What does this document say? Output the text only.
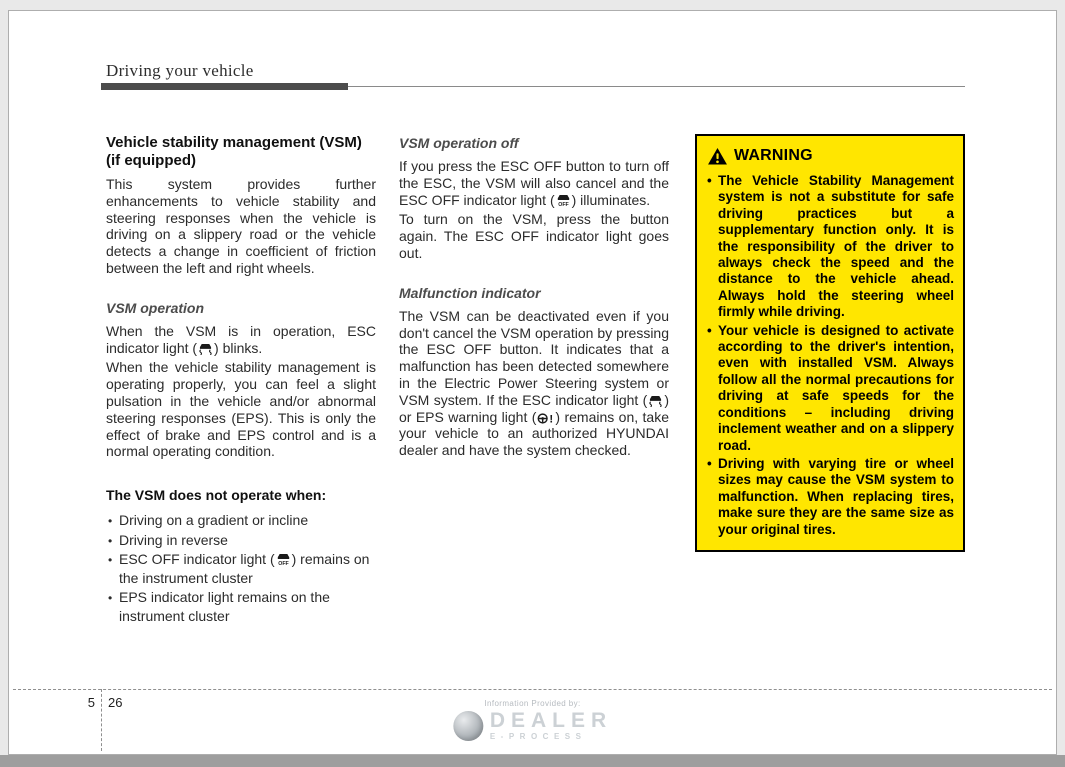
Driving your vehicle
Vehicle stability management (VSM) (if equipped)

This system provides further enhancements to vehicle stability and steering responses when the vehicle is driving on a slippery road or the vehicle detects a change in coefficient of friction between the left and right wheels.

VSM operation

When the VSM is in operation, ESC indicator light ( ) blinks.

When the vehicle stability management is operating properly, you can feel a slight pulsation in the vehicle and/or abnormal steering responses (EPS). This is only the effect of brake and EPS control and is a normal operating condition.

The VSM does not operate when:
• Driving on a gradient or incline
• Driving in reverse
• ESC OFF indicator light ( ) remains on the instrument cluster
• EPS indicator light remains on the instrument cluster
VSM operation off

If you press the ESC OFF button to turn off the ESC, the VSM will also cancel and the ESC OFF indicator light ( ) illuminates.

To turn on the VSM, press the button again. The ESC OFF indicator light goes out.

Malfunction indicator

The VSM can be deactivated even if you don't cancel the VSM operation by pressing the ESC OFF button. It indicates that a malfunction has been detected somewhere in the Electric Power Steering system or VSM system. If the ESC indicator light ( ) or EPS warning light ( ) remains on, take your vehicle to an authorized HYUNDAI dealer and have the system checked.

WARNING
• The Vehicle Stability Management system is not a substitute for safe driving practices but a supplementary function only. It is the responsibility of the driver to always check the speed and the distance to the vehicle ahead. Always hold the steering wheel firmly while driving.
• Your vehicle is designed to activate according to the driver's intention, even with installed VSM. Always follow all the normal precautions for driving at safe speeds for the conditions – including driving inclement weather and on a slippery road.
• Driving with varying tire or wheel sizes may cause the VSM system to malfunction. When replacing tires, make sure they are the same size as your original tires.
5 26	Information Provided by:
DEALER
E-PROCESS
